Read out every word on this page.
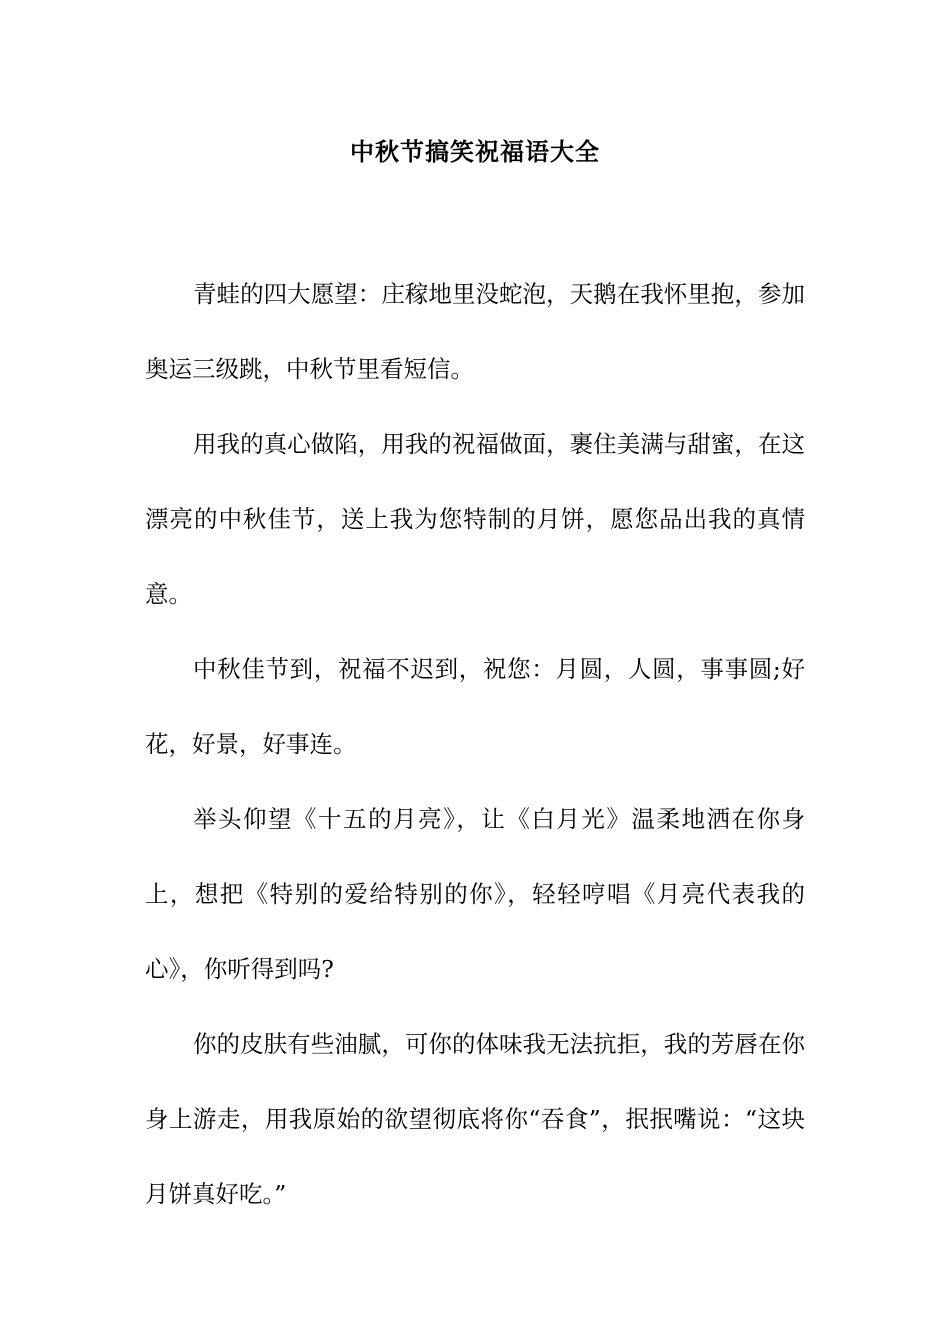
中秋节搞笑祝福语大全

青蛙的四大愿望：庄稼地里没蛇泡，天鹅在我怀里抱，参加奥运三级跳，中秋节里看短信。

用我的真心做陷，用我的祝福做面，裹住美满与甜蜜，在这漂亮的中秋佳节，送上我为您特制的月饼，愿您品出我的真情意。

中秋佳节到，祝福不迟到，祝您：月圆，人圆，事事圆;好花，好景，好事连。

举头仰望《十五的月亮》，让《白月光》温柔地洒在你身上，想把《特别的爱给特别的你》，轻轻哼唱《月亮代表我的心》，你听得到吗?

你的皮肤有些油腻，可你的体味我无法抗拒，我的芳唇在你身上游走，用我原始的欲望彻底将你“吞食”，抿抿嘴说：“这块月饼真好吃。”
